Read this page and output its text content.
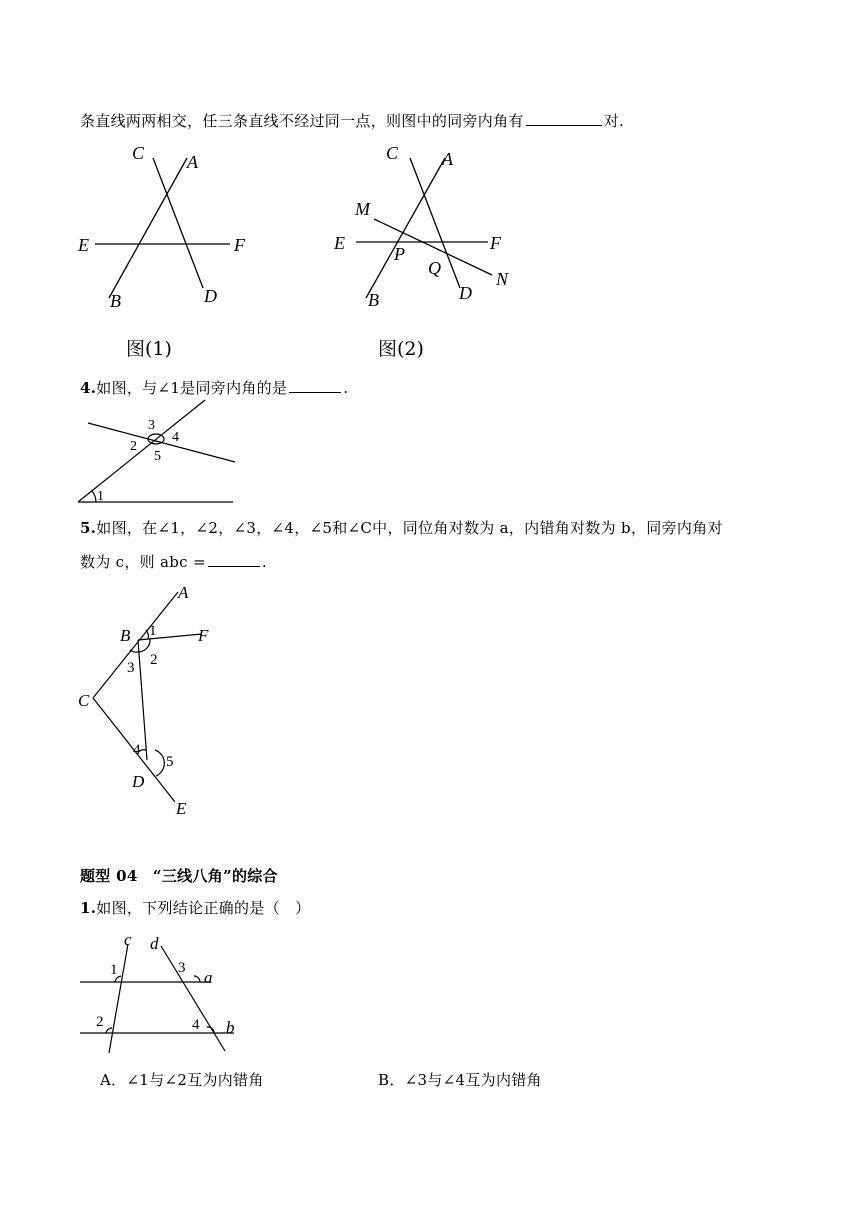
条直线两两相交，任三条直线不经过同一点，则图中的同旁内角有	对.
C A
E	F
B	D
图(1)
C A
M
E
P
F
Q
N
B	D
图(2)
4.如图，与∠1是同旁内角的是	.
3
4
2
5
1
5.如图，在∠1，∠2，∠3，∠4，∠5和∠C中，同位角对数为 a，内错角对数为 b，同旁内角对
数为 c，则 abc =	.
A
B	F
C
D
E
1
2
3
4
5
题型 04　“三线八角”的综合
1.如图，下列结论正确的是（　）
c d
a
b
1
2
3
4
A．∠1与∠2互为内错角	B．∠3与∠4互为内错角
